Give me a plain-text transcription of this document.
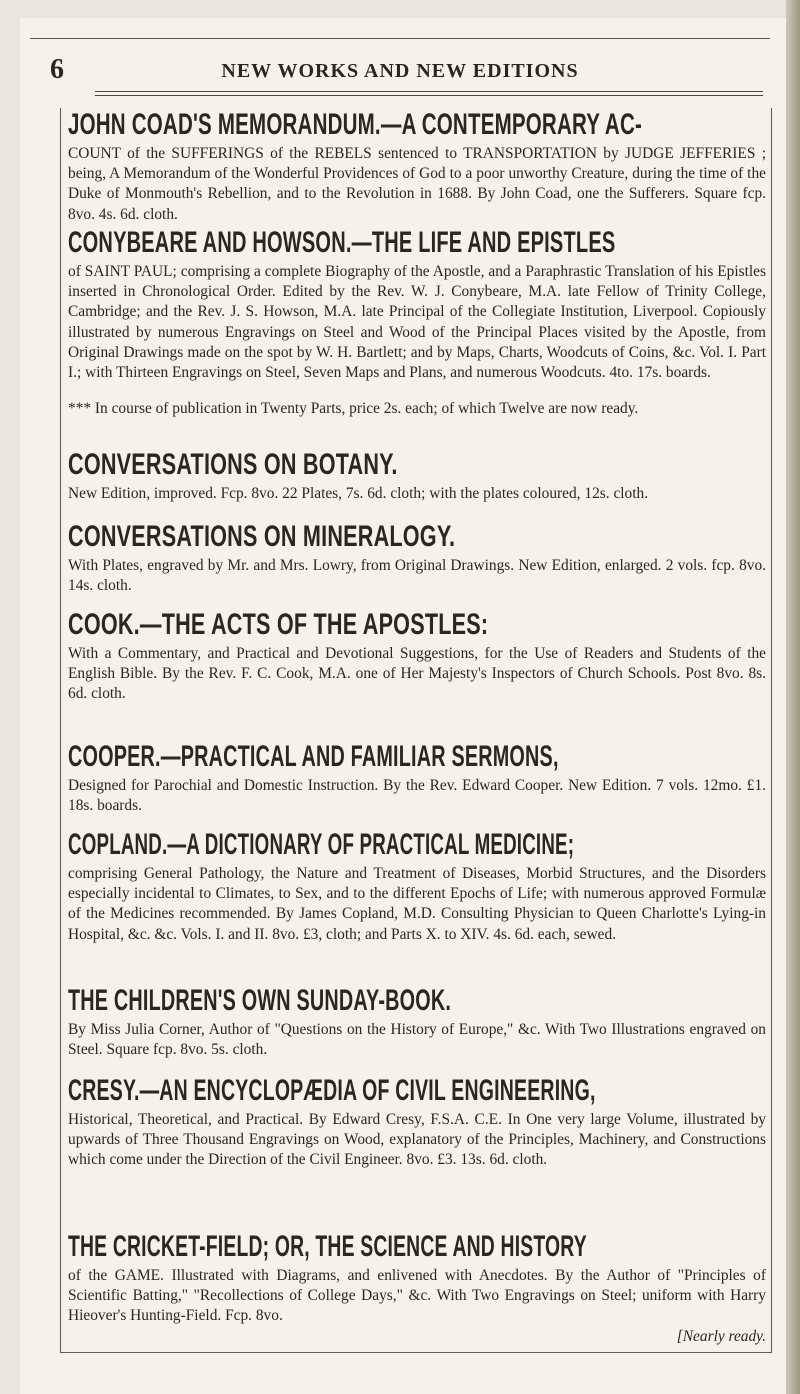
6	NEW WORKS AND NEW EDITIONS
JOHN COAD'S MEMORANDUM.—A CONTEMPORARY AC-
COUNT of the SUFFERINGS of the REBELS sentenced to TRANSPORTATION by JUDGE JEFFERIES ; being, A Memorandum of the Wonderful Providences of God to a poor unworthy Creature, during the time of the Duke of Monmouth's Rebellion, and to the Revolution in 1688. By John Coad, one the Sufferers. Square fcp. 8vo. 4s. 6d. cloth.
CONYBEARE AND HOWSON.—THE LIFE AND EPISTLES
of SAINT PAUL; comprising a complete Biography of the Apostle, and a Paraphrastic Translation of his Epistles inserted in Chronological Order. Edited by the Rev. W. J. Conybeare, M.A. late Fellow of Trinity College, Cambridge; and the Rev. J. S. Howson, M.A. late Principal of the Collegiate Institution, Liverpool. Copiously illustrated by numerous Engravings on Steel and Wood of the Principal Places visited by the Apostle, from Original Drawings made on the spot by W. H. Bartlett; and by Maps, Charts, Woodcuts of Coins, &c. Vol. I. Part I.; with Thirteen Engravings on Steel, Seven Maps and Plans, and numerous Woodcuts. 4to. 17s. boards.
*** In course of publication in Twenty Parts, price 2s. each; of which Twelve are now ready.
CONVERSATIONS ON BOTANY.
New Edition, improved. Fcp. 8vo. 22 Plates, 7s. 6d. cloth; with the plates coloured, 12s. cloth.
CONVERSATIONS ON MINERALOGY.
With Plates, engraved by Mr. and Mrs. Lowry, from Original Drawings. New Edition, enlarged. 2 vols. fcp. 8vo. 14s. cloth.
COOK.—THE ACTS OF THE APOSTLES:
With a Commentary, and Practical and Devotional Suggestions, for the Use of Readers and Students of the English Bible. By the Rev. F. C. Cook, M.A. one of Her Majesty's Inspectors of Church Schools. Post 8vo. 8s. 6d. cloth.
COOPER.—PRACTICAL AND FAMILIAR SERMONS,
Designed for Parochial and Domestic Instruction. By the Rev. Edward Cooper. New Edition. 7 vols. 12mo. £1. 18s. boards.
COPLAND.—A DICTIONARY OF PRACTICAL MEDICINE;
comprising General Pathology, the Nature and Treatment of Diseases, Morbid Structures, and the Disorders especially incidental to Climates, to Sex, and to the different Epochs of Life; with numerous approved Formulæ of the Medicines recommended. By James Copland, M.D. Consulting Physician to Queen Charlotte's Lying-in Hospital, &c. &c. Vols. I. and II. 8vo. £3, cloth; and Parts X. to XIV. 4s. 6d. each, sewed.
THE CHILDREN'S OWN SUNDAY-BOOK.
By Miss Julia Corner, Author of "Questions on the History of Europe," &c. With Two Illustrations engraved on Steel. Square fcp. 8vo. 5s. cloth.
CRESY.—AN ENCYCLOPÆDIA OF CIVIL ENGINEERING,
Historical, Theoretical, and Practical. By Edward Cresy, F.S.A. C.E. In One very large Volume, illustrated by upwards of Three Thousand Engravings on Wood, explanatory of the Principles, Machinery, and Constructions which come under the Direction of the Civil Engineer. 8vo. £3. 13s. 6d. cloth.
THE CRICKET-FIELD; OR, THE SCIENCE AND HISTORY
of the GAME. Illustrated with Diagrams, and enlivened with Anecdotes. By the Author of "Principles of Scientific Batting," "Recollections of College Days," &c. With Two Engravings on Steel; uniform with Harry Hieover's Hunting-Field. Fcp. 8vo.
[Nearly ready.
